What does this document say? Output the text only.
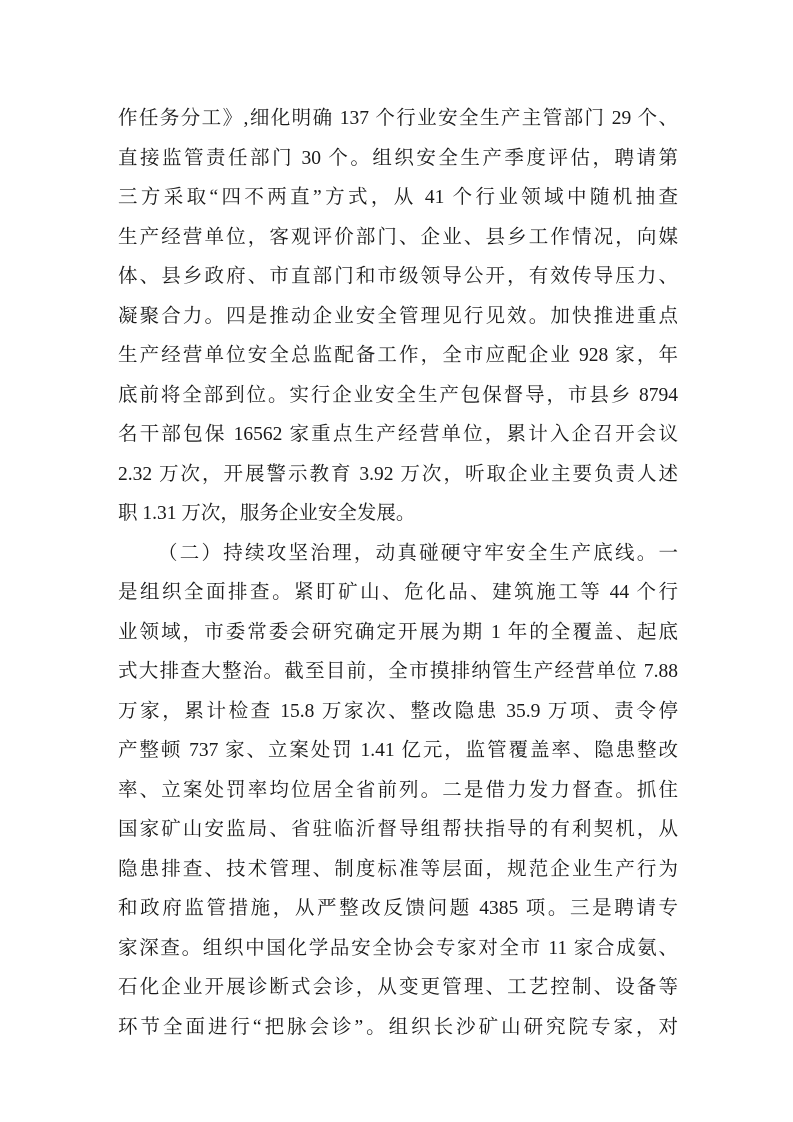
作任务分工》,细化明确 137 个行业安全生产主管部门 29 个、
直接监管责任部门 30 个。组织安全生产季度评估，聘请第
三方采取“四不两直”方式，从 41 个行业领域中随机抽查
生产经营单位，客观评价部门、企业、县乡工作情况，向媒
体、县乡政府、市直部门和市级领导公开，有效传导压力、
凝聚合力。四是推动企业安全管理见行见效。加快推进重点
生产经营单位安全总监配备工作，全市应配企业 928 家，年
底前将全部到位。实行企业安全生产包保督导，市县乡 8794
名干部包保 16562 家重点生产经营单位，累计入企召开会议
2.32 万次，开展警示教育 3.92 万次，听取企业主要负责人述
职 1.31 万次，服务企业安全发展。
（二）持续攻坚治理，动真碰硬守牢安全生产底线。一
是组织全面排查。紧盯矿山、危化品、建筑施工等 44 个行
业领域，市委常委会研究确定开展为期 1 年的全覆盖、起底
式大排查大整治。截至目前，全市摸排纳管生产经营单位 7.88
万家，累计检查 15.8 万家次、整改隐患 35.9 万项、责令停
产整顿 737 家、立案处罚 1.41 亿元，监管覆盖率、隐患整改
率、立案处罚率均位居全省前列。二是借力发力督查。抓住
国家矿山安监局、省驻临沂督导组帮扶指导的有利契机，从
隐患排查、技术管理、制度标准等层面，规范企业生产行为
和政府监管措施，从严整改反馈问题 4385 项。三是聘请专
家深查。组织中国化学品安全协会专家对全市 11 家合成氨、
石化企业开展诊断式会诊，从变更管理、工艺控制、设备等
环节全面进行“把脉会诊”。组织长沙矿山研究院专家，对
